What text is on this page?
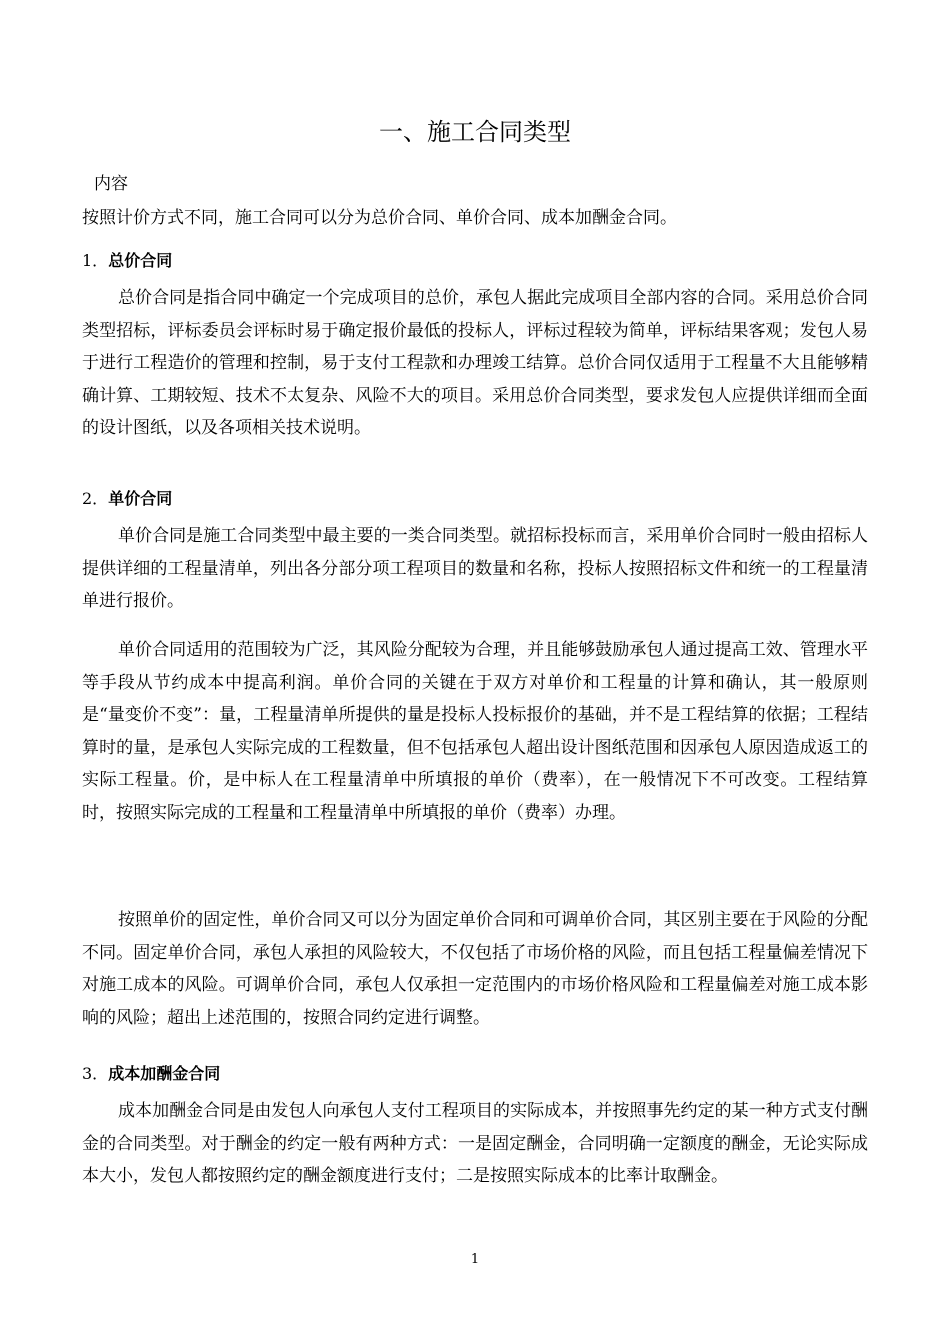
一、施工合同类型
内容
按照计价方式不同，施工合同可以分为总价合同、单价合同、成本加酬金合同。
1．总价合同

总价合同是指合同中确定一个完成项目的总价，承包人据此完成项目全部内容的合同。采用总价合同类型招标，评标委员会评标时易于确定报价最低的投标人，评标过程较为简单，评标结果客观；发包人易于进行工程造价的管理和控制，易于支付工程款和办理竣工结算。总价合同仅适用于工程量不大且能够精确计算、工期较短、技术不太复杂、风险不大的项目。采用总价合同类型，要求发包人应提供详细而全面的设计图纸，以及各项相关技术说明。

2．单价合同

单价合同是施工合同类型中最主要的一类合同类型。就招标投标而言，采用单价合同时一般由招标人提供详细的工程量清单，列出各分部分项工程项目的数量和名称，投标人按照招标文件和统一的工程量清单进行报价。

单价合同适用的范围较为广泛，其风险分配较为合理，并且能够鼓励承包人通过提高工效、管理水平等手段从节约成本中提高利润。单价合同的关键在于双方对单价和工程量的计算和确认，其一般原则是“量变价不变”：量，工程量清单所提供的量是投标人投标报价的基础，并不是工程结算的依据；工程结算时的量，是承包人实际完成的工程数量，但不包括承包人超出设计图纸范围和因承包人原因造成返工的实际工程量。价，是中标人在工程量清单中所填报的单价（费率），在一般情况下不可改变。工程结算时，按照实际完成的工程量和工程量清单中所填报的单价（费率）办理。

按照单价的固定性，单价合同又可以分为固定单价合同和可调单价合同，其区别主要在于风险的分配不同。固定单价合同，承包人承担的风险较大，不仅包括了市场价格的风险，而且包括工程量偏差情况下对施工成本的风险。可调单价合同，承包人仅承担一定范围内的市场价格风险和工程量偏差对施工成本影响的风险；超出上述范围的，按照合同约定进行调整。

3．成本加酬金合同

成本加酬金合同是由发包人向承包人支付工程项目的实际成本，并按照事先约定的某一种方式支付酬金的合同类型。对于酬金的约定一般有两种方式：一是固定酬金，合同明确一定额度的酬金，无论实际成本大小，发包人都按照约定的酬金额度进行支付；二是按照实际成本的比率计取酬金。

1
